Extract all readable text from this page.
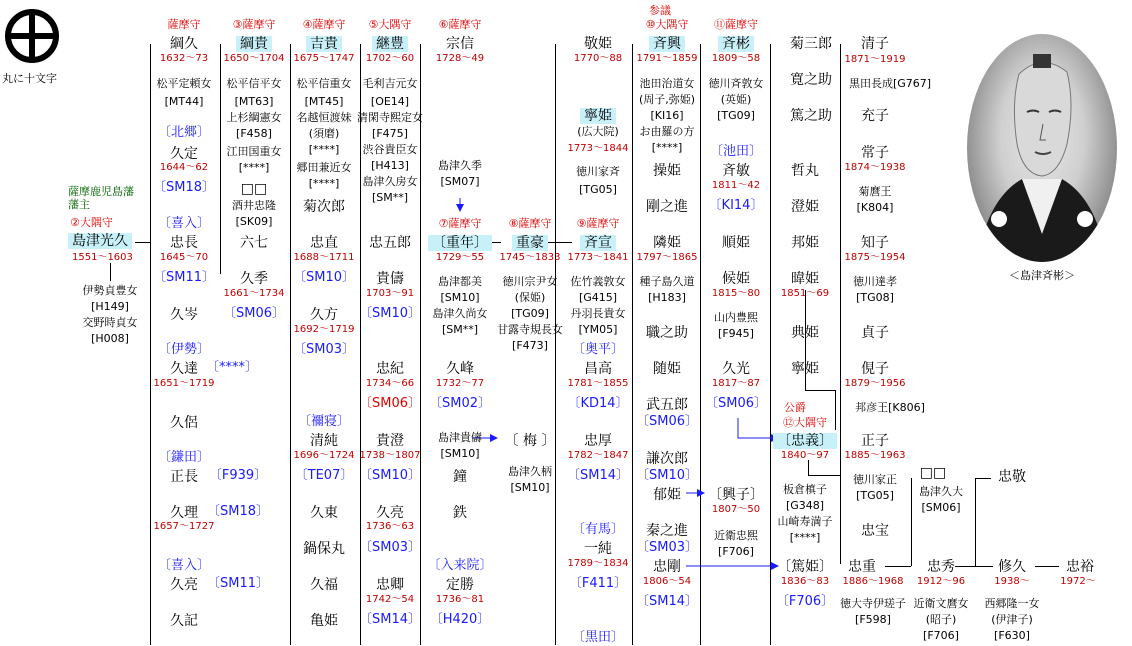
丸に十文字
＜島津斉彬＞
薩摩鹿児島藩
藩主
②大隅守
島津光久
1551〜1603
伊勢貞豊女
[H149]
交野時貞女
[H008]
参議
公爵
薩摩守	③薩摩守 ④薩摩守 ⑤大隅守 ⑥薩摩守
⑦薩摩守 ⑧薩摩守 ⑨薩摩守
⑩大隅守 ⑪薩摩守
⑫大隅守
綱久
久定
忠長
久岑
久達
久侶
正長
久理
久亮
久記
綱貴
□□
六七
久季
吉貴
菊次郎
忠直
久方
清純
久東
鍋保丸
久福
亀姫
継豊
忠五郎
貴儔
忠紀
貴澄
久亮
忠卿
宗信
〔重年〕
久峰
鐘
鉄
定勝
重豪
〔 梅 〕
敬姫
寧姫
斉宣
昌高
忠厚
一純
斉興
操姫
剛之進
隣姫
職之助
随姫
武五郎
謙次郎
郁姫
秦之進
忠剛
斉彬
斉敏
順姫
候姫
久光
〔興子〕
菊三郎
寛之助
篤之助
哲丸
澄姫
邦姫
暐姫
典姫
寧姫
〔忠義〕
〔篤姫〕
清子
充子
常子
知子
貞子
俔子
正子
忠宝
忠重
□□
忠秀
忠敬
修久	忠裕
1632〜73
1644〜62
1645〜70
1651〜1719
1657〜1727
1650〜1704
1661〜1734
1675〜1747
1688〜1711
1692〜1719
1696〜1724
1702〜60
1703〜91
1734〜66
1738〜1807
1736〜63
1742〜54
1728〜49
1729〜55
1732〜77
1736〜81
1745〜1833
1770〜88
1773〜1844
1773〜1841
1781〜1855
1782〜1847
1789〜1834
1791〜1859
1797〜1865
1806〜54
1809〜58
1811〜42
1815〜80
1817〜87
1807〜50
1851〜69
1840〜97
1836〜83
1871〜1919
1874〜1938
1875〜1954
1879〜1956
1885〜1963
1886〜1968 1912〜96	1938〜	1972〜
松平定頼女
[MT44]
松平信平女
[MT63]
上杉綱憲女
[F458]
江田国重女
[****]
酒井忠隆
[SK09]
松平信重女
[MT45]
名越恒渡妹
(須磨)
[****]
郷田兼近女
[****]
毛利吉元女
[OE14]
清閑寺熙定女
[F475]
渋谷貴臣女
[H413]
島津久房女
[SM**]
島津久季
[SM07]
島津都美
[SM10]
島津久尚女
[SM**]
島津貴儔
[SM10]
徳川宗尹女
(保姫)
[TG09]
甘露寺規長女
[F473]
島津久柄
[SM10]
(広大院)
徳川家斉
[TG05]
佐竹義敦女
[G415]
丹羽長貴女
[YM05]
池田治道女
(周子,弥姫)
[KI16]
お由羅の方
[****]
種子島久道
[H183]
徳川斉敦女
(英姫)
[TG09]
山内豊煕
[F945]
近衛忠煕
[F706]
板倉槙子
[G348]
山崎寿満子
[****]
黒田長成[G767]
菊麿王
[K804]
徳川達孝
[TG08]
邦彦王[K806]
徳川家正
[TG05] 島津久大
[SM06]
徳大寺伊瑳子
[F598]
近衛文麿女
(昭子)
[F706]
西郷隆一女
(伊津子)
[F630]
〔北郷〕
〔SM18〕
〔喜入〕
〔SM11〕
〔伊勢〕
〔****〕
〔鎌田〕
〔F939〕
〔SM18〕
〔喜入〕
〔SM11〕
〔SM06〕
〔SM10〕
〔SM03〕
〔禰寝〕
〔TE07〕
〔SM10〕
〔SM06〕
〔SM10〕
〔SM03〕
〔SM14〕
〔SM02〕
〔入来院〕
〔H420〕
〔奥平〕
〔KD14〕
〔SM14〕
〔有馬〕
〔F411〕
〔黒田〕
〔SM06〕
〔SM10〕
〔SM03〕
〔SM14〕
〔池田〕
〔KI14〕
〔SM06〕
〔F706〕
